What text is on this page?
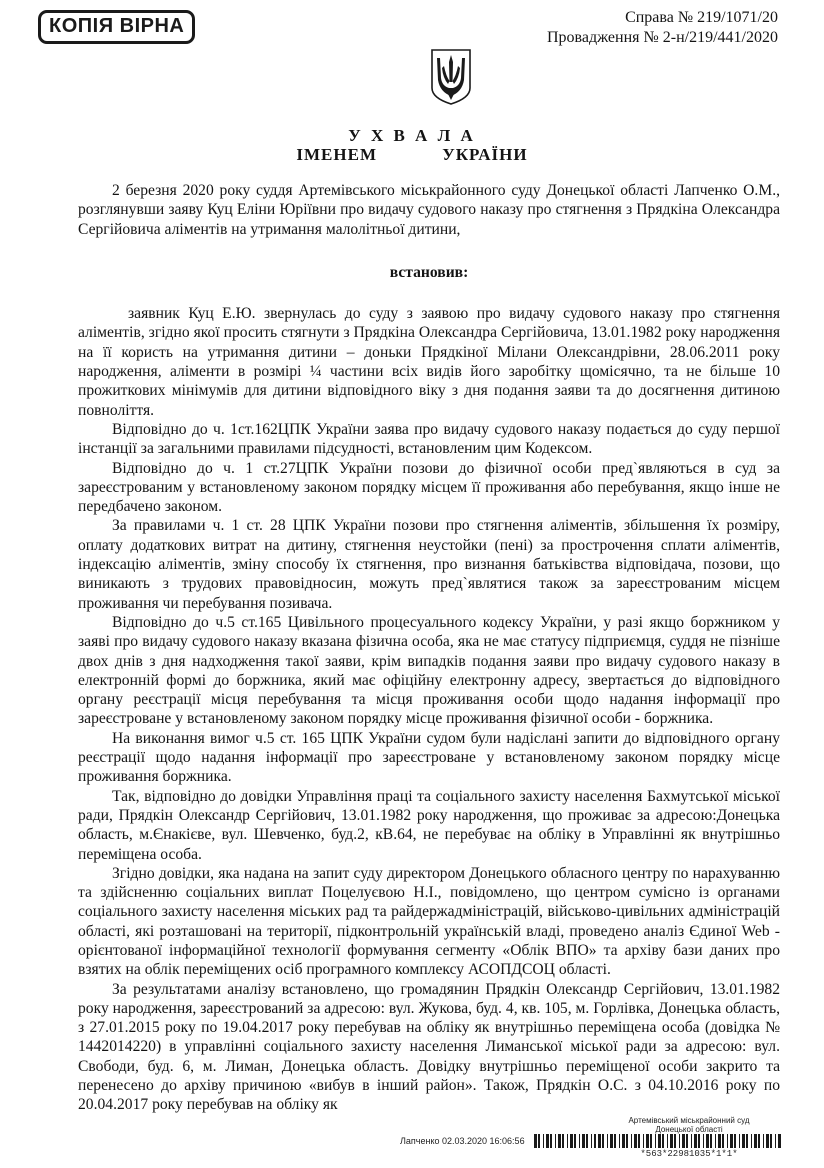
КОПІЯ ВІРНА	Справа № 219/1071/20
Провадження № 2-н/219/441/2020
У Х В А Л А
ІМЕНЕМ УКРАЇНИ

2 березня 2020 року суддя Артемівського міськрайонного суду Донецької області Лапченко О.М., розглянувши заяву Куц Еліни Юріївни про видачу судового наказу про стягнення з Прядкіна Олександра Сергійовича аліментів на утримання малолітньої дитини,

встановив:

заявник Куц Е.Ю. звернулась до суду з заявою про видачу судового наказу про стягнення аліментів, згідно якої просить стягнути з Прядкіна Олександра Сергійовича, 13.01.1982 року народження на її користь на утримання дитини – доньки Прядкіної Мілани Олександрівни, 28.06.2011 року народження, аліменти в розмірі ¼ частини всіх видів його заробітку щомісячно, та не більше 10 прожиткових мінімумів для дитини відповідного віку з дня подання заяви та до досягнення дитиною повноліття.

Відповідно до ч. 1ст.162ЦПК України заява про видачу судового наказу подається до суду першої інстанції за загальними правилами підсудності, встановленим цим Кодексом.

Відповідно до ч. 1 ст.27ЦПК України позови до фізичної особи пред`являються в суд за зареєстрованим у встановленому законом порядку місцем її проживання або перебування, якщо інше не передбачено законом.

За правилами ч. 1 ст. 28 ЦПК України позови про стягнення аліментів, збільшення їх розміру, оплату додаткових витрат на дитину, стягнення неустойки (пені) за прострочення сплати аліментів, індексацію аліментів, зміну способу їх стягнення, про визнання батьківства відповідача, позови, що виникають з трудових правовідносин, можуть пред`являтися також за зареєстрованим місцем проживання чи перебування позивача.

Відповідно до ч.5 ст.165 Цивільного процесуального кодексу України, у разі якщо боржником у заяві про видачу судового наказу вказана фізична особа, яка не має статусу підприємця, суддя не пізніше двох днів з дня надходження такої заяви, крім випадків подання заяви про видачу судового наказу в електронній формі до боржника, який має офіційну електронну адресу, звертається до відповідного органу реєстрації місця перебування та місця проживання особи щодо надання інформації про зареєстроване у встановленому законом порядку місце проживання фізичної особи - боржника.

На виконання вимог ч.5 ст. 165 ЦПК України судом були надіслані запити до відповідного органу реєстрації щодо надання інформації про зареєстроване у встановленому законом порядку місце проживання боржника.

Так, відповідно до довідки Управління праці та соціального захисту населення Бахмутської міської ради, Прядкін Олександр Сергійович, 13.01.1982 року народження, що проживає за адресою:Донецька область, м.Єнакієве, вул. Шевченко, буд.2, кВ.64, не перебуває на обліку в Управлінні як внутрішньо переміщена особа.

Згідно довідки, яка надана на запит суду директором Донецького обласного центру по нарахуванню та здійсненню соціальних виплат Поцелуєвою Н.І., повідомлено, що центром сумісно із органами соціального захисту населення міських рад та райдержадміністрацій, військово-цивільних адміністрацій області, які розташовані на території, підконтрольній українській владі, проведено аналіз Єдиної Web - орієнтованої інформаційної технології формування сегменту «Облік ВПО» та архіву бази даних про взятих на облік переміщених осіб програмного комплексу АСОПДСОЦ області.

За результатами аналізу встановлено, що громадянин Прядкін Олександр Сергійович, 13.01.1982 року народження, зареєстрований за адресою: вул. Жукова, буд. 4, кв. 105, м. Горлівка, Донецька область, з 27.01.2015 року по 19.04.2017 року перебував на обліку як внутрішньо переміщена особа (довідка № 1442014220) в управлінні соціального захисту населення Лиманської міської ради за адресою: вул. Свободи, буд. 6, м. Лиман, Донецька область. Довідку внутрішньо переміщеної особи закрито та перенесено до архіву причиною «вибув в інший район». Також, Прядкін О.С. з 04.10.2016 року по 20.04.2017 року перебував на обліку як

Лапченко 02.03.2020 16:06:56
Артемівський міськрайонний суд
Донецької області
*563*22981035*1*1*
